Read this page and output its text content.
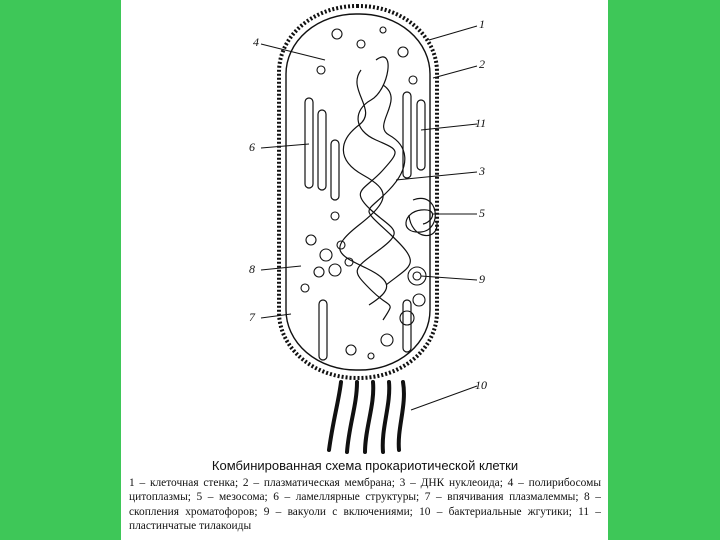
1
2
11
3
5
9
10
4
6
8
7
Комбинированная схема прокариотической клетки
1 – клеточная стенка; 2 – плазматическая мембрана; 3 – ДНК нуклеоида; 4 – полирибосомы цитоплазмы; 5 – мезосома; 6 – ламеллярные структуры; 7 – впячивания плазмалеммы; 8 – скопления хроматофоров; 9 – вакуоли с включениями; 10 – бактериальные жгутики; 11 – пластинчатые тилакоиды
